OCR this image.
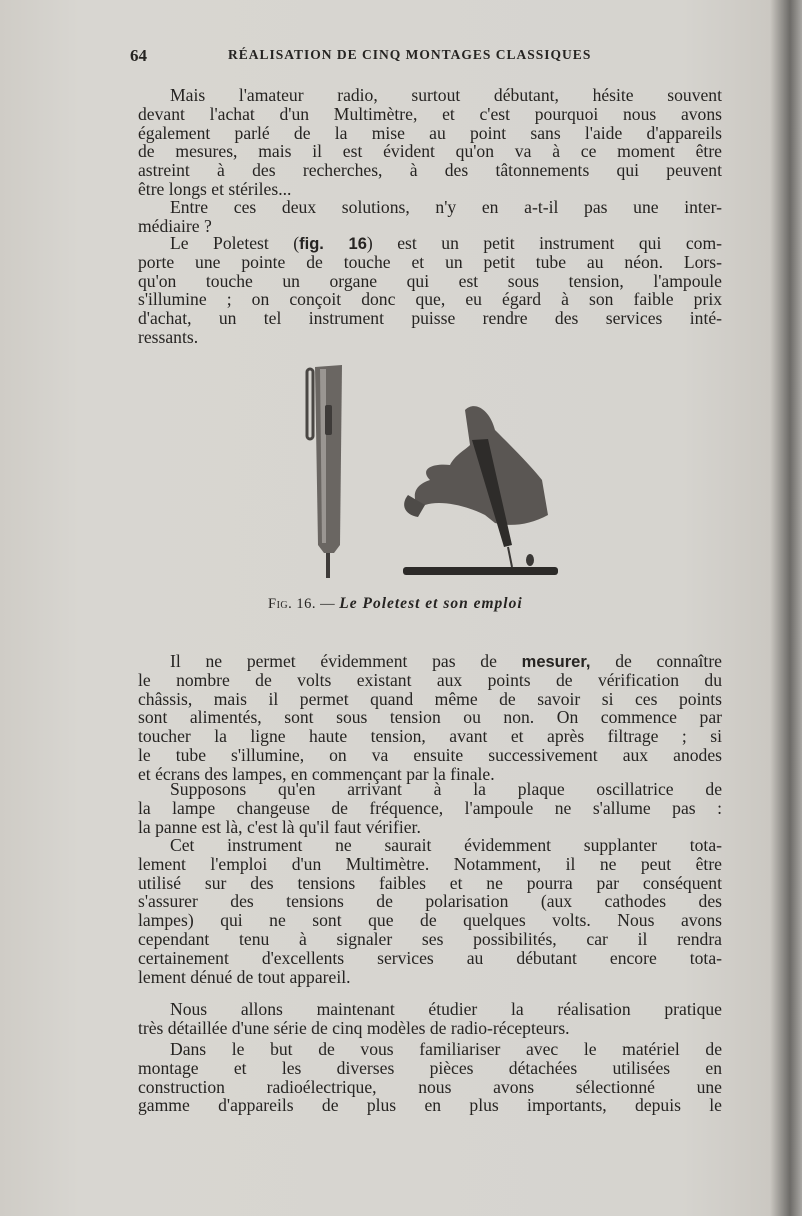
64	RÉALISATION DE CINQ MONTAGES CLASSIQUES
Mais l'amateur radio, surtout débutant, hésite souvent
devant l'achat d'un Multimètre, et c'est pourquoi nous avons
également parlé de la mise au point sans l'aide d'appareils
de mesures, mais il est évident qu'on va à ce moment être
astreint à des recherches, à des tâtonnements qui peuvent
être longs et stériles...
Entre ces deux solutions, n'y en a-t-il pas une inter-
médiaire ?
Le Poletest (fig. 16) est un petit instrument qui com-
porte une pointe de touche et un petit tube au néon. Lors-
qu'on touche un organe qui est sous tension, l'ampoule
s'illumine ; on conçoit donc que, eu égard à son faible prix
d'achat, un tel instrument puisse rendre des services inté-
ressants.
Fig. 16. — Le Poletest et son emploi
Il ne permet évidemment pas de mesurer, de connaître
le nombre de volts existant aux points de vérification du
châssis, mais il permet quand même de savoir si ces points
sont alimentés, sont sous tension ou non. On commence par
toucher la ligne haute tension, avant et après filtrage ; si
le tube s'illumine, on va ensuite successivement aux anodes
et écrans des lampes, en commençant par la finale.
Supposons qu'en arrivant à la plaque oscillatrice de
la lampe changeuse de fréquence, l'ampoule ne s'allume pas :
la panne est là, c'est là qu'il faut vérifier.
Cet instrument ne saurait évidemment supplanter tota-
lement l'emploi d'un Multimètre. Notamment, il ne peut être
utilisé sur des tensions faibles et ne pourra par conséquent
s'assurer des tensions de polarisation (aux cathodes des
lampes) qui ne sont que de quelques volts. Nous avons
cependant tenu à signaler ses possibilités, car il rendra
certainement d'excellents services au débutant encore tota-
lement dénué de tout appareil.
Nous allons maintenant étudier la réalisation pratique
très détaillée d'une série de cinq modèles de radio-récepteurs.
Dans le but de vous familiariser avec le matériel de
montage et les diverses pièces détachées utilisées en
construction radioélectrique, nous avons sélectionné une
gamme d'appareils de plus en plus importants, depuis le
